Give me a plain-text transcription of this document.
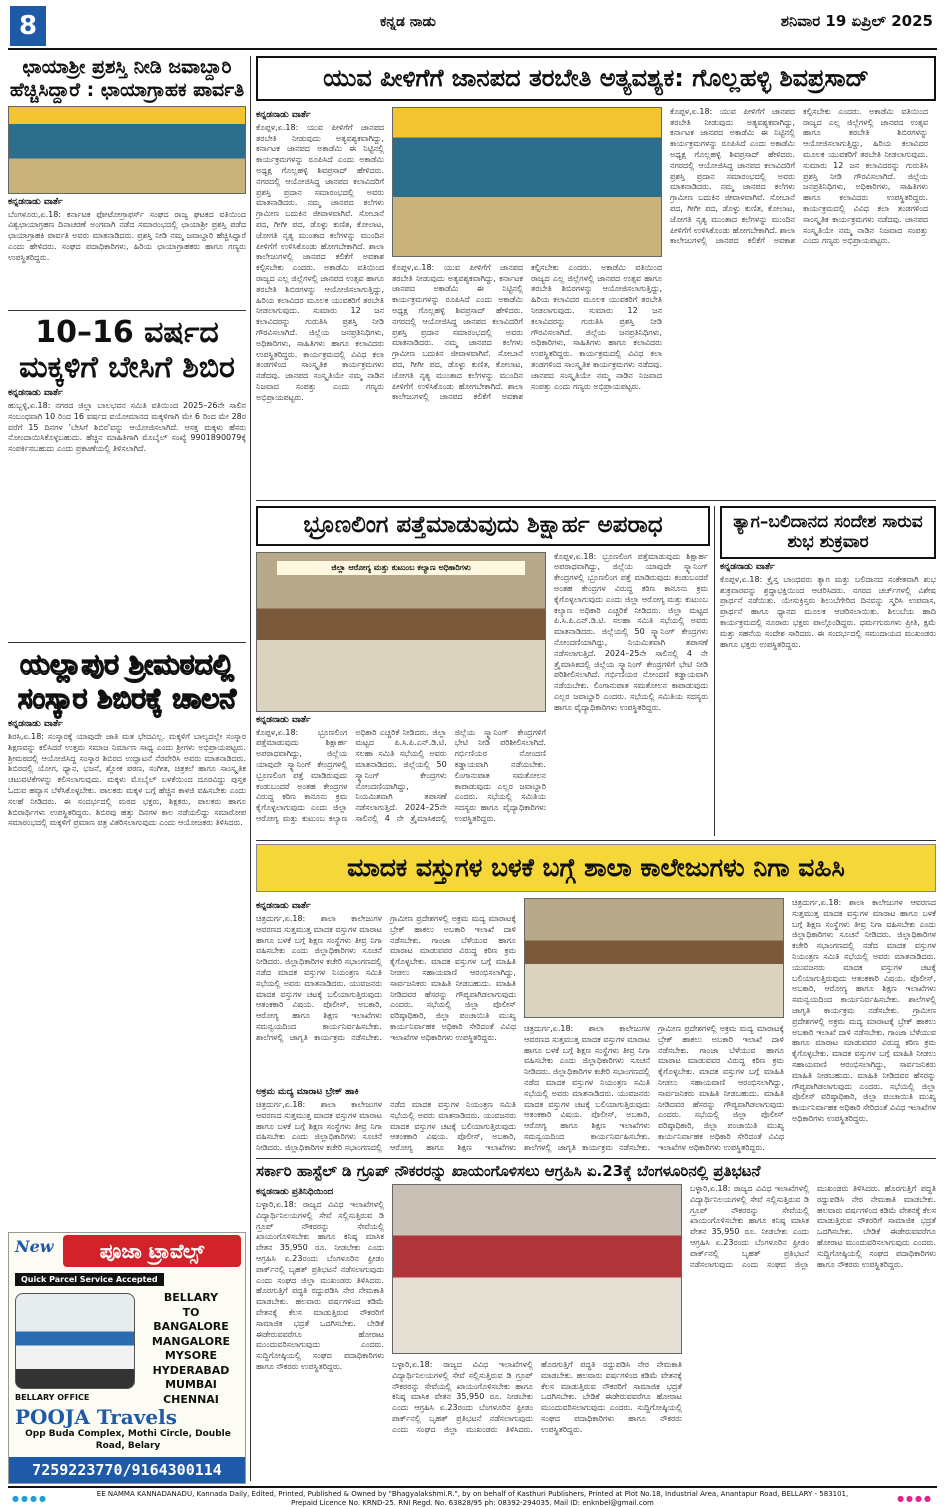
8	ಕನ್ನಡ ನಾಡು	ಶನಿವಾರ 19 ಏಪ್ರಿಲ್ 2025
ಛಾಯಾಶ್ರೀ ಪ್ರಶಸ್ತಿ ನೀಡಿ ಜವಾಬ್ದಾರಿ ಹೆಚ್ಚಿಸಿದ್ದಾರೆ : ಛಾಯಾಗ್ರಾಹಕ ಪಾರ್ವತಿ
ಕನ್ನಡನಾಡು ವಾರ್ತೆ
ಬೆಂಗಳೂರು,ಏ.18: ಕರ್ನಾಟಕ ಫೋಟೋಗ್ರಾಫರ್ಸ್ ಸಂಘದ ರಾಜ್ಯ ಘಟಕದ ವತಿಯಿಂದ ವಿಶ್ವಛಾಯಾಗ್ರಹಣ ದಿನಾಚರಣೆ ಅಂಗವಾಗಿ ನಡೆದ ಸಮಾರಂಭದಲ್ಲಿ ಛಾಯಾಶ್ರೀ ಪ್ರಶಸ್ತಿ ಪಡೆದ ಛಾಯಾಗ್ರಾಹಕಿ ಪಾರ್ವತಿ ಅವರು ಮಾತನಾಡಿದರು. ಪ್ರಶಸ್ತಿ ನೀಡಿ ನಮ್ಮ ಜವಾಬ್ದಾರಿ ಹೆಚ್ಚಿಸಿದ್ದಾರೆ ಎಂದು ಹೇಳಿದರು. ಸಂಘದ ಪದಾಧಿಕಾರಿಗಳು, ಹಿರಿಯ ಛಾಯಾಗ್ರಾಹಕರು ಹಾಗೂ ಗಣ್ಯರು ಉಪಸ್ಥಿತರಿದ್ದರು.
10–16 ವರ್ಷದ ಮಕ್ಕಳಿಗೆ ಬೇಸಿಗೆ ಶಿಬಿರ
ಕನ್ನಡನಾಡು ವಾರ್ತೆ
ಹುಬ್ಬಳ್ಳಿ,ಏ.18: ನಗರದ ಜಿಲ್ಲಾ ಬಾಲಭವನ ಸಮಿತಿ ವತಿಯಿಂದ 2025–26ನೇ ಸಾಲಿನ ಸಂಬಂಧವಾಗಿ 10 ರಿಂದ 16 ವರ್ಷದ ವಯೋಮಾನದ ಮಕ್ಕಳಿಗಾಗಿ ಮೇ 6 ರಿಂದ ಮೇ 28ರ ವರೆಗೆ 15 ದಿನಗಳ 'ಬೇಸಿಗೆ ಶಿಬಿರ'ವನ್ನು ಆಯೋಜಿಸಲಾಗಿದೆ. ಆಸಕ್ತ ಮಕ್ಕಳು ಹೆಸರು ನೋಂದಾಯಿಸಿಕೊಳ್ಳಬಹುದು. ಹೆಚ್ಚಿನ ಮಾಹಿತಿಗಾಗಿ ಮೊಬೈಲ್ ಸಂಖ್ಯೆ 9901890079ಕ್ಕೆ ಸಂಪರ್ಕಿಸಬಹುದು ಎಂದು ಪ್ರಕಟಣೆಯಲ್ಲಿ ತಿಳಿಸಲಾಗಿದೆ.
ಯಲ್ಲಾಪುರ ಶ್ರೀಮಠದಲ್ಲಿ ಸಂಸ್ಕಾರ ಶಿಬಿರಕ್ಕೆ ಚಾಲನೆ
ಕನ್ನಡನಾಡು ವಾರ್ತೆ
ಶಿರಸಿ,ಏ.18: ಸಂಸ್ಕಾರಕ್ಕೆ ಯಾವುದೇ ಜಾತಿ ಮತ ಭೇದವಿಲ್ಲ. ಮಕ್ಕಳಿಗೆ ಬಾಲ್ಯದಲ್ಲೇ ಸಂಸ್ಕಾರ ಶಿಕ್ಷಣವನ್ನು ಕಲಿಸಿದರೆ ಉತ್ತಮ ಸಮಾಜ ನಿರ್ಮಾಣ ಸಾಧ್ಯ ಎಂದು ಶ್ರೀಗಳು ಅಭಿಪ್ರಾಯಪಟ್ಟರು. ಶ್ರೀಮಠದಲ್ಲಿ ಆಯೋಜಿಸಿದ್ದ ಸಂಸ್ಕಾರ ಶಿಬಿರದ ಉದ್ಘಾಟನೆ ನೆರವೇರಿಸಿ ಅವರು ಮಾತನಾಡಿದರು. ಶಿಬಿರದಲ್ಲಿ ಯೋಗ, ಧ್ಯಾನ, ಭಜನೆ, ಶ್ಲೋಕ ಪಠಣ, ಸಂಗೀತ, ಚಿತ್ರಕಲೆ ಹಾಗೂ ಸಾಂಸ್ಕೃತಿಕ ಚಟುವಟಿಕೆಗಳನ್ನು ಕಲಿಸಲಾಗುವುದು. ಮಕ್ಕಳು ಮೊಬೈಲ್ ಬಳಕೆಯಿಂದ ದೂರವಿದ್ದು ಪುಸ್ತಕ ಓದುವ ಹವ್ಯಾಸ ಬೆಳೆಸಿಕೊಳ್ಳಬೇಕು. ಪಾಲಕರು ಮಕ್ಕಳ ಬಗ್ಗೆ ಹೆಚ್ಚಿನ ಕಾಳಜಿ ವಹಿಸಬೇಕು ಎಂದು ಸಲಹೆ ನೀಡಿದರು. ಈ ಸಂದರ್ಭದಲ್ಲಿ ಮಠದ ಭಕ್ತರು, ಶಿಕ್ಷಕರು, ಪಾಲಕರು ಹಾಗೂ ಶಿಬಿರಾರ್ಥಿಗಳು ಉಪಸ್ಥಿತರಿದ್ದರು. ಶಿಬಿರವು ಹತ್ತು ದಿನಗಳ ಕಾಲ ನಡೆಯಲಿದ್ದು ಸಮಾರೋಪ ಸಮಾರಂಭದಲ್ಲಿ ಮಕ್ಕಳಿಗೆ ಪ್ರಮಾಣ ಪತ್ರ ವಿತರಿಸಲಾಗುವುದು ಎಂದು ಆಯೋಜಕರು ತಿಳಿಸಿದರು.
ಯುವ ಪೀಳಿಗೆಗೆ ಜಾನಪದ ತರಬೇತಿ ಅತ್ಯವಶ್ಯಕ: ಗೊಲ್ಲಹಳ್ಳಿ ಶಿವಪ್ರಸಾದ್
ಕನ್ನಡನಾಡು ವಾರ್ತೆ
ಕೊಪ್ಪಳ,ಏ.18: ಯುವ ಪೀಳಿಗೆಗೆ ಜಾನಪದ ತರಬೇತಿ ನೀಡುವುದು ಅತ್ಯವಶ್ಯಕವಾಗಿದ್ದು, ಕರ್ನಾಟಕ ಜಾನಪದ ಅಕಾಡೆಮಿ ಈ ನಿಟ್ಟಿನಲ್ಲಿ ಕಾರ್ಯಕ್ರಮಗಳನ್ನು ರೂಪಿಸಿದೆ ಎಂದು ಅಕಾಡೆಮಿ ಅಧ್ಯಕ್ಷ ಗೊಲ್ಲಹಳ್ಳಿ ಶಿವಪ್ರಸಾದ್ ಹೇಳಿದರು. ನಗರದಲ್ಲಿ ಆಯೋಜಿಸಿದ್ದ ಜಾನಪದ ಕಲಾವಿದರಿಗೆ ಪ್ರಶಸ್ತಿ ಪ್ರದಾನ ಸಮಾರಂಭದಲ್ಲಿ ಅವರು ಮಾತನಾಡಿದರು. ನಮ್ಮ ಜಾನಪದ ಕಲೆಗಳು ಗ್ರಾಮೀಣ ಬದುಕಿನ ಜೀವಾಳವಾಗಿವೆ. ಸೋಬಾನೆ ಪದ, ಗೀಗೀ ಪದ, ಡೊಳ್ಳು ಕುಣಿತ, ಕೋಲಾಟ, ಜೋಗತಿ ನೃತ್ಯ ಮುಂತಾದ ಕಲೆಗಳನ್ನು ಮುಂದಿನ ಪೀಳಿಗೆಗೆ ಉಳಿಸಿಕೊಂಡು ಹೋಗಬೇಕಾಗಿದೆ. ಶಾಲಾ ಕಾಲೇಜುಗಳಲ್ಲಿ ಜಾನಪದ ಕಲಿಕೆಗೆ ಅವಕಾಶ ಕಲ್ಪಿಸಬೇಕು ಎಂದರು. ಅಕಾಡೆಮಿ ವತಿಯಿಂದ ರಾಜ್ಯದ ಎಲ್ಲ ಜಿಲ್ಲೆಗಳಲ್ಲಿ ಜಾನಪದ ಉತ್ಸವ ಹಾಗೂ ತರಬೇತಿ ಶಿಬಿರಗಳನ್ನು ಆಯೋಜಿಸಲಾಗುತ್ತಿದ್ದು, ಹಿರಿಯ ಕಲಾವಿದರ ಮೂಲಕ ಯುವಕರಿಗೆ ತರಬೇತಿ ನೀಡಲಾಗುವುದು. ಸುಮಾರು 12 ಜನ ಕಲಾವಿದರನ್ನು ಗುರುತಿಸಿ ಪ್ರಶಸ್ತಿ ನೀಡಿ ಗೌರವಿಸಲಾಗಿದೆ. ಜಿಲ್ಲೆಯ ಜನಪ್ರತಿನಿಧಿಗಳು, ಅಧಿಕಾರಿಗಳು, ಸಾಹಿತಿಗಳು ಹಾಗೂ ಕಲಾವಿದರು ಉಪಸ್ಥಿತರಿದ್ದರು. ಕಾರ್ಯಕ್ರಮದಲ್ಲಿ ವಿವಿಧ ಕಲಾ ತಂಡಗಳಿಂದ ಸಾಂಸ್ಕೃತಿಕ ಕಾರ್ಯಕ್ರಮಗಳು ನಡೆದವು. ಜಾನಪದ ಸಂಸ್ಕೃತಿಯೇ ನಮ್ಮ ನಾಡಿನ ನಿಜವಾದ ಸಂಪತ್ತು ಎಂದು ಗಣ್ಯರು ಅಭಿಪ್ರಾಯಪಟ್ಟರು.
ಕೊಪ್ಪಳ,ಏ.18: ಯುವ ಪೀಳಿಗೆಗೆ ಜಾನಪದ ತರಬೇತಿ ನೀಡುವುದು ಅತ್ಯವಶ್ಯಕವಾಗಿದ್ದು, ಕರ್ನಾಟಕ ಜಾನಪದ ಅಕಾಡೆಮಿ ಈ ನಿಟ್ಟಿನಲ್ಲಿ ಕಾರ್ಯಕ್ರಮಗಳನ್ನು ರೂಪಿಸಿದೆ ಎಂದು ಅಕಾಡೆಮಿ ಅಧ್ಯಕ್ಷ ಗೊಲ್ಲಹಳ್ಳಿ ಶಿವಪ್ರಸಾದ್ ಹೇಳಿದರು. ನಗರದಲ್ಲಿ ಆಯೋಜಿಸಿದ್ದ ಜಾನಪದ ಕಲಾವಿದರಿಗೆ ಪ್ರಶಸ್ತಿ ಪ್ರದಾನ ಸಮಾರಂಭದಲ್ಲಿ ಅವರು ಮಾತನಾಡಿದರು. ನಮ್ಮ ಜಾನಪದ ಕಲೆಗಳು ಗ್ರಾಮೀಣ ಬದುಕಿನ ಜೀವಾಳವಾಗಿವೆ. ಸೋಬಾನೆ ಪದ, ಗೀಗೀ ಪದ, ಡೊಳ್ಳು ಕುಣಿತ, ಕೋಲಾಟ, ಜೋಗತಿ ನೃತ್ಯ ಮುಂತಾದ ಕಲೆಗಳನ್ನು ಮುಂದಿನ ಪೀಳಿಗೆಗೆ ಉಳಿಸಿಕೊಂಡು ಹೋಗಬೇಕಾಗಿದೆ. ಶಾಲಾ ಕಾಲೇಜುಗಳಲ್ಲಿ ಜಾನಪದ ಕಲಿಕೆಗೆ ಅವಕಾಶ ಕಲ್ಪಿಸಬೇಕು ಎಂದರು. ಅಕಾಡೆಮಿ ವತಿಯಿಂದ ರಾಜ್ಯದ ಎಲ್ಲ ಜಿಲ್ಲೆಗಳಲ್ಲಿ ಜಾನಪದ ಉತ್ಸವ ಹಾಗೂ ತರಬೇತಿ ಶಿಬಿರಗಳನ್ನು ಆಯೋಜಿಸಲಾಗುತ್ತಿದ್ದು, ಹಿರಿಯ ಕಲಾವಿದರ ಮೂಲಕ ಯುವಕರಿಗೆ ತರಬೇತಿ ನೀಡಲಾಗುವುದು. ಸುಮಾರು 12 ಜನ ಕಲಾವಿದರನ್ನು ಗುರುತಿಸಿ ಪ್ರಶಸ್ತಿ ನೀಡಿ ಗೌರವಿಸಲಾಗಿದೆ. ಜಿಲ್ಲೆಯ ಜನಪ್ರತಿನಿಧಿಗಳು, ಅಧಿಕಾರಿಗಳು, ಸಾಹಿತಿಗಳು ಹಾಗೂ ಕಲಾವಿದರು ಉಪಸ್ಥಿತರಿದ್ದರು. ಕಾರ್ಯಕ್ರಮದಲ್ಲಿ ವಿವಿಧ ಕಲಾ ತಂಡಗಳಿಂದ ಸಾಂಸ್ಕೃತಿಕ ಕಾರ್ಯಕ್ರಮಗಳು ನಡೆದವು. ಜಾನಪದ ಸಂಸ್ಕೃತಿಯೇ ನಮ್ಮ ನಾಡಿನ ನಿಜವಾದ ಸಂಪತ್ತು ಎಂದು ಗಣ್ಯರು ಅಭಿಪ್ರಾಯಪಟ್ಟರು.
ಕೊಪ್ಪಳ,ಏ.18: ಯುವ ಪೀಳಿಗೆಗೆ ಜಾನಪದ ತರಬೇತಿ ನೀಡುವುದು ಅತ್ಯವಶ್ಯಕವಾಗಿದ್ದು, ಕರ್ನಾಟಕ ಜಾನಪದ ಅಕಾಡೆಮಿ ಈ ನಿಟ್ಟಿನಲ್ಲಿ ಕಾರ್ಯಕ್ರಮಗಳನ್ನು ರೂಪಿಸಿದೆ ಎಂದು ಅಕಾಡೆಮಿ ಅಧ್ಯಕ್ಷ ಗೊಲ್ಲಹಳ್ಳಿ ಶಿವಪ್ರಸಾದ್ ಹೇಳಿದರು. ನಗರದಲ್ಲಿ ಆಯೋಜಿಸಿದ್ದ ಜಾನಪದ ಕಲಾವಿದರಿಗೆ ಪ್ರಶಸ್ತಿ ಪ್ರದಾನ ಸಮಾರಂಭದಲ್ಲಿ ಅವರು ಮಾತನಾಡಿದರು. ನಮ್ಮ ಜಾನಪದ ಕಲೆಗಳು ಗ್ರಾಮೀಣ ಬದುಕಿನ ಜೀವಾಳವಾಗಿವೆ. ಸೋಬಾನೆ ಪದ, ಗೀಗೀ ಪದ, ಡೊಳ್ಳು ಕುಣಿತ, ಕೋಲಾಟ, ಜೋಗತಿ ನೃತ್ಯ ಮುಂತಾದ ಕಲೆಗಳನ್ನು ಮುಂದಿನ ಪೀಳಿಗೆಗೆ ಉಳಿಸಿಕೊಂಡು ಹೋಗಬೇಕಾಗಿದೆ. ಶಾಲಾ ಕಾಲೇಜುಗಳಲ್ಲಿ ಜಾನಪದ ಕಲಿಕೆಗೆ ಅವಕಾಶ ಕಲ್ಪಿಸಬೇಕು ಎಂದರು. ಅಕಾಡೆಮಿ ವತಿಯಿಂದ ರಾಜ್ಯದ ಎಲ್ಲ ಜಿಲ್ಲೆಗಳಲ್ಲಿ ಜಾನಪದ ಉತ್ಸವ ಹಾಗೂ ತರಬೇತಿ ಶಿಬಿರಗಳನ್ನು ಆಯೋಜಿಸಲಾಗುತ್ತಿದ್ದು, ಹಿರಿಯ ಕಲಾವಿದರ ಮೂಲಕ ಯುವಕರಿಗೆ ತರಬೇತಿ ನೀಡಲಾಗುವುದು. ಸುಮಾರು 12 ಜನ ಕಲಾವಿದರನ್ನು ಗುರುತಿಸಿ ಪ್ರಶಸ್ತಿ ನೀಡಿ ಗೌರವಿಸಲಾಗಿದೆ. ಜಿಲ್ಲೆಯ ಜನಪ್ರತಿನಿಧಿಗಳು, ಅಧಿಕಾರಿಗಳು, ಸಾಹಿತಿಗಳು ಹಾಗೂ ಕಲಾವಿದರು ಉಪಸ್ಥಿತರಿದ್ದರು. ಕಾರ್ಯಕ್ರಮದಲ್ಲಿ ವಿವಿಧ ಕಲಾ ತಂಡಗಳಿಂದ ಸಾಂಸ್ಕೃತಿಕ ಕಾರ್ಯಕ್ರಮಗಳು ನಡೆದವು. ಜಾನಪದ ಸಂಸ್ಕೃತಿಯೇ ನಮ್ಮ ನಾಡಿನ ನಿಜವಾದ ಸಂಪತ್ತು ಎಂದು ಗಣ್ಯರು ಅಭಿಪ್ರಾಯಪಟ್ಟರು.
ಭ್ರೂಣಲಿಂಗ ಪತ್ತೆಮಾಡುವುದು ಶಿಕ್ಷಾರ್ಹ ಅಪರಾಧ
ಜಿಲ್ಲಾ ಆರೋಗ್ಯ ಮತ್ತು ಕುಟುಂಬ ಕಲ್ಯಾಣ ಅಧಿಕಾರಿಗಳು
ಕನ್ನಡನಾಡು ವಾರ್ತೆ
ಕೊಪ್ಪಳ,ಏ.18: ಭ್ರೂಣಲಿಂಗ ಪತ್ತೆಮಾಡುವುದು ಶಿಕ್ಷಾರ್ಹ ಅಪರಾಧವಾಗಿದ್ದು, ಜಿಲ್ಲೆಯ ಯಾವುದೇ ಸ್ಕ್ಯಾನಿಂಗ್ ಕೇಂದ್ರಗಳಲ್ಲಿ ಭ್ರೂಣಲಿಂಗ ಪತ್ತೆ ಮಾಡಿರುವುದು ಕಂಡುಬಂದರೆ ಅಂತಹ ಕೇಂದ್ರಗಳ ವಿರುದ್ಧ ಕಠಿಣ ಕಾನೂನು ಕ್ರಮ ಕೈಗೊಳ್ಳಲಾಗುವುದು ಎಂದು ಜಿಲ್ಲಾ ಆರೋಗ್ಯ ಮತ್ತು ಕುಟುಂಬ ಕಲ್ಯಾಣ ಅಧಿಕಾರಿ ಎಚ್ಚರಿಕೆ ನೀಡಿದರು. ಜಿಲ್ಲಾ ಮಟ್ಟದ ಪಿ.ಸಿ.ಪಿ.ಎನ್.ಡಿ.ಟಿ. ಸಲಹಾ ಸಮಿತಿ ಸಭೆಯಲ್ಲಿ ಅವರು ಮಾತನಾಡಿದರು. ಜಿಲ್ಲೆಯಲ್ಲಿ 50 ಸ್ಕ್ಯಾನಿಂಗ್ ಕೇಂದ್ರಗಳು ನೋಂದಣಿಯಾಗಿದ್ದು, ನಿಯಮಿತವಾಗಿ ತಪಾಸಣೆ ನಡೆಸಲಾಗುತ್ತಿದೆ. 2024–25ನೇ ಸಾಲಿನಲ್ಲಿ 4 ನೇ ತ್ರೈಮಾಸಿಕದಲ್ಲಿ ಜಿಲ್ಲೆಯ ಸ್ಕ್ಯಾನಿಂಗ್ ಕೇಂದ್ರಗಳಿಗೆ ಭೇಟಿ ನೀಡಿ ಪರಿಶೀಲಿಸಲಾಗಿದೆ. ಗರ್ಭಿಣಿಯರ ನೋಂದಣಿ ಕಡ್ಡಾಯವಾಗಿ ನಡೆಯಬೇಕು. ಲಿಂಗಾನುಪಾತ ಸಮತೋಲನ ಕಾಪಾಡುವುದು ಎಲ್ಲರ ಜವಾಬ್ದಾರಿ ಎಂದರು. ಸಭೆಯಲ್ಲಿ ಸಮಿತಿಯ ಸದಸ್ಯರು ಹಾಗೂ ವೈದ್ಯಾಧಿಕಾರಿಗಳು ಉಪಸ್ಥಿತರಿದ್ದರು.
ಕೊಪ್ಪಳ,ಏ.18: ಭ್ರೂಣಲಿಂಗ ಪತ್ತೆಮಾಡುವುದು ಶಿಕ್ಷಾರ್ಹ ಅಪರಾಧವಾಗಿದ್ದು, ಜಿಲ್ಲೆಯ ಯಾವುದೇ ಸ್ಕ್ಯಾನಿಂಗ್ ಕೇಂದ್ರಗಳಲ್ಲಿ ಭ್ರೂಣಲಿಂಗ ಪತ್ತೆ ಮಾಡಿರುವುದು ಕಂಡುಬಂದರೆ ಅಂತಹ ಕೇಂದ್ರಗಳ ವಿರುದ್ಧ ಕಠಿಣ ಕಾನೂನು ಕ್ರಮ ಕೈಗೊಳ್ಳಲಾಗುವುದು ಎಂದು ಜಿಲ್ಲಾ ಆರೋಗ್ಯ ಮತ್ತು ಕುಟುಂಬ ಕಲ್ಯಾಣ ಅಧಿಕಾರಿ ಎಚ್ಚರಿಕೆ ನೀಡಿದರು. ಜಿಲ್ಲಾ ಮಟ್ಟದ ಪಿ.ಸಿ.ಪಿ.ಎನ್.ಡಿ.ಟಿ. ಸಲಹಾ ಸಮಿತಿ ಸಭೆಯಲ್ಲಿ ಅವರು ಮಾತನಾಡಿದರು. ಜಿಲ್ಲೆಯಲ್ಲಿ 50 ಸ್ಕ್ಯಾನಿಂಗ್ ಕೇಂದ್ರಗಳು ನೋಂದಣಿಯಾಗಿದ್ದು, ನಿಯಮಿತವಾಗಿ ತಪಾಸಣೆ ನಡೆಸಲಾಗುತ್ತಿದೆ. 2024–25ನೇ ಸಾಲಿನಲ್ಲಿ 4 ನೇ ತ್ರೈಮಾಸಿಕದಲ್ಲಿ ಜಿಲ್ಲೆಯ ಸ್ಕ್ಯಾನಿಂಗ್ ಕೇಂದ್ರಗಳಿಗೆ ಭೇಟಿ ನೀಡಿ ಪರಿಶೀಲಿಸಲಾಗಿದೆ. ಗರ್ಭಿಣಿಯರ ನೋಂದಣಿ ಕಡ್ಡಾಯವಾಗಿ ನಡೆಯಬೇಕು. ಲಿಂಗಾನುಪಾತ ಸಮತೋಲನ ಕಾಪಾಡುವುದು ಎಲ್ಲರ ಜವಾಬ್ದಾರಿ ಎಂದರು. ಸಭೆಯಲ್ಲಿ ಸಮಿತಿಯ ಸದಸ್ಯರು ಹಾಗೂ ವೈದ್ಯಾಧಿಕಾರಿಗಳು ಉಪಸ್ಥಿತರಿದ್ದರು.
ತ್ಯಾಗ–ಬಲಿದಾನದ ಸಂದೇಶ ಸಾರುವ ಶುಭ ಶುಕ್ರವಾರ
ಕನ್ನಡನಾಡು ವಾರ್ತೆ
ಕೊಪ್ಪಳ,ಏ.18: ಕ್ರೈಸ್ತ ಬಾಂಧವರು ತ್ಯಾಗ ಮತ್ತು ಬಲಿದಾನದ ಸಂಕೇತವಾಗಿ ಶುಭ ಶುಕ್ರವಾರವನ್ನು ಶ್ರದ್ಧಾಭಕ್ತಿಯಿಂದ ಆಚರಿಸಿದರು. ನಗರದ ಚರ್ಚ್‌ಗಳಲ್ಲಿ ವಿಶೇಷ ಪ್ರಾರ್ಥನೆ ನಡೆಯಿತು. ಯೇಸುಕ್ರಿಸ್ತರು ಶಿಲುಬೆಗೇರಿದ ದಿನವನ್ನು ಸ್ಮರಿಸಿ ಉಪವಾಸ, ಪ್ರಾರ್ಥನೆ ಹಾಗೂ ಧ್ಯಾನದ ಮೂಲಕ ಆಚರಿಸಲಾಯಿತು. ಶಿಲುಬೆಯ ಹಾದಿ ಕಾರ್ಯಕ್ರಮದಲ್ಲಿ ನೂರಾರು ಭಕ್ತರು ಪಾಲ್ಗೊಂಡಿದ್ದರು. ಧರ್ಮಗುರುಗಳು ಪ್ರೀತಿ, ಕ್ಷಮೆ ಮತ್ತು ಸಹನೆಯ ಸಂದೇಶ ಸಾರಿದರು. ಈ ಸಂದರ್ಭದಲ್ಲಿ ಸಮುದಾಯದ ಮುಖಂಡರು ಹಾಗೂ ಭಕ್ತರು ಉಪಸ್ಥಿತರಿದ್ದರು.
ಮಾದಕ ವಸ್ತುಗಳ ಬಳಕೆ ಬಗ್ಗೆ ಶಾಲಾ ಕಾಲೇಜುಗಳು ನಿಗಾ ವಹಿಸಿ
ಕನ್ನಡನಾಡು ವಾರ್ತೆ
ಚಿತ್ರದುರ್ಗ,ಏ.18: ಶಾಲಾ ಕಾಲೇಜುಗಳ ಆವರಣದ ಸುತ್ತಮುತ್ತ ಮಾದಕ ವಸ್ತುಗಳ ಮಾರಾಟ ಹಾಗೂ ಬಳಕೆ ಬಗ್ಗೆ ಶಿಕ್ಷಣ ಸಂಸ್ಥೆಗಳು ತೀವ್ರ ನಿಗಾ ವಹಿಸಬೇಕು ಎಂದು ಜಿಲ್ಲಾಧಿಕಾರಿಗಳು ಸೂಚನೆ ನೀಡಿದರು. ಜಿಲ್ಲಾಧಿಕಾರಿಗಳ ಕಚೇರಿ ಸಭಾಂಗಣದಲ್ಲಿ ನಡೆದ ಮಾದಕ ವಸ್ತುಗಳ ನಿಯಂತ್ರಣ ಸಮಿತಿ ಸಭೆಯಲ್ಲಿ ಅವರು ಮಾತನಾಡಿದರು. ಯುವಜನರು ಮಾದಕ ವಸ್ತುಗಳ ಚಟಕ್ಕೆ ಬಲಿಯಾಗುತ್ತಿರುವುದು ಆತಂಕಕಾರಿ ವಿಷಯ. ಪೊಲೀಸ್, ಅಬಕಾರಿ, ಆರೋಗ್ಯ ಹಾಗೂ ಶಿಕ್ಷಣ ಇಲಾಖೆಗಳು ಸಮನ್ವಯದಿಂದ ಕಾರ್ಯನಿರ್ವಹಿಸಬೇಕು. ಶಾಲೆಗಳಲ್ಲಿ ಜಾಗೃತಿ ಕಾರ್ಯಕ್ರಮ ನಡೆಸಬೇಕು. ಗ್ರಾಮೀಣ ಪ್ರದೇಶಗಳಲ್ಲಿ ಅಕ್ರಮ ಮದ್ಯ ಮಾರಾಟಕ್ಕೆ ಬ್ರೇಕ್ ಹಾಕಲು ಅಬಕಾರಿ ಇಲಾಖೆ ದಾಳಿ ನಡೆಸಬೇಕು. ಗಾಂಜಾ ಬೆಳೆಯುವ ಹಾಗೂ ಮಾರಾಟ ಮಾಡುವವರ ವಿರುದ್ಧ ಕಠಿಣ ಕ್ರಮ ಕೈಗೊಳ್ಳಬೇಕು. ಮಾದಕ ವಸ್ತುಗಳ ಬಗ್ಗೆ ಮಾಹಿತಿ ನೀಡಲು ಸಹಾಯವಾಣಿ ಆರಂಭಿಸಲಾಗಿದ್ದು, ಸಾರ್ವಜನಿಕರು ಮಾಹಿತಿ ನೀಡಬಹುದು. ಮಾಹಿತಿ ನೀಡಿದವರ ಹೆಸರನ್ನು ಗೌಪ್ಯವಾಗಿಡಲಾಗುವುದು ಎಂದರು. ಸಭೆಯಲ್ಲಿ ಜಿಲ್ಲಾ ಪೊಲೀಸ್ ವರಿಷ್ಠಾಧಿಕಾರಿ, ಜಿಲ್ಲಾ ಪಂಚಾಯಿತಿ ಮುಖ್ಯ ಕಾರ್ಯನಿರ್ವಾಹಕ ಅಧಿಕಾರಿ ಸೇರಿದಂತೆ ವಿವಿಧ ಇಲಾಖೆಗಳ ಅಧಿಕಾರಿಗಳು ಉಪಸ್ಥಿತರಿದ್ದರು.
ಅಕ್ರಮ ಮದ್ಯ ಮಾರಾಟ ಬ್ರೇಕ್ ಹಾಕಿ
ಚಿತ್ರದುರ್ಗ,ಏ.18: ಶಾಲಾ ಕಾಲೇಜುಗಳ ಆವರಣದ ಸುತ್ತಮುತ್ತ ಮಾದಕ ವಸ್ತುಗಳ ಮಾರಾಟ ಹಾಗೂ ಬಳಕೆ ಬಗ್ಗೆ ಶಿಕ್ಷಣ ಸಂಸ್ಥೆಗಳು ತೀವ್ರ ನಿಗಾ ವಹಿಸಬೇಕು ಎಂದು ಜಿಲ್ಲಾಧಿಕಾರಿಗಳು ಸೂಚನೆ ನೀಡಿದರು. ಜಿಲ್ಲಾಧಿಕಾರಿಗಳ ಕಚೇರಿ ಸಭಾಂಗಣದಲ್ಲಿ ನಡೆದ ಮಾದಕ ವಸ್ತುಗಳ ನಿಯಂತ್ರಣ ಸಮಿತಿ ಸಭೆಯಲ್ಲಿ ಅವರು ಮಾತನಾಡಿದರು. ಯುವಜನರು ಮಾದಕ ವಸ್ತುಗಳ ಚಟಕ್ಕೆ ಬಲಿಯಾಗುತ್ತಿರುವುದು ಆತಂಕಕಾರಿ ವಿಷಯ. ಪೊಲೀಸ್, ಅಬಕಾರಿ, ಆರೋಗ್ಯ ಹಾಗೂ ಶಿಕ್ಷಣ ಇಲಾಖೆಗಳು
ಚಿತ್ರದುರ್ಗ,ಏ.18: ಶಾಲಾ ಕಾಲೇಜುಗಳ ಆವರಣದ ಸುತ್ತಮುತ್ತ ಮಾದಕ ವಸ್ತುಗಳ ಮಾರಾಟ ಹಾಗೂ ಬಳಕೆ ಬಗ್ಗೆ ಶಿಕ್ಷಣ ಸಂಸ್ಥೆಗಳು ತೀವ್ರ ನಿಗಾ ವಹಿಸಬೇಕು ಎಂದು ಜಿಲ್ಲಾಧಿಕಾರಿಗಳು ಸೂಚನೆ ನೀಡಿದರು. ಜಿಲ್ಲಾಧಿಕಾರಿಗಳ ಕಚೇರಿ ಸಭಾಂಗಣದಲ್ಲಿ ನಡೆದ ಮಾದಕ ವಸ್ತುಗಳ ನಿಯಂತ್ರಣ ಸಮಿತಿ ಸಭೆಯಲ್ಲಿ ಅವರು ಮಾತನಾಡಿದರು. ಯುವಜನರು ಮಾದಕ ವಸ್ತುಗಳ ಚಟಕ್ಕೆ ಬಲಿಯಾಗುತ್ತಿರುವುದು ಆತಂಕಕಾರಿ ವಿಷಯ. ಪೊಲೀಸ್, ಅಬಕಾರಿ, ಆರೋಗ್ಯ ಹಾಗೂ ಶಿಕ್ಷಣ ಇಲಾಖೆಗಳು ಸಮನ್ವಯದಿಂದ ಕಾರ್ಯನಿರ್ವಹಿಸಬೇಕು. ಶಾಲೆಗಳಲ್ಲಿ ಜಾಗೃತಿ ಕಾರ್ಯಕ್ರಮ ನಡೆಸಬೇಕು. ಗ್ರಾಮೀಣ ಪ್ರದೇಶಗಳಲ್ಲಿ ಅಕ್ರಮ ಮದ್ಯ ಮಾರಾಟಕ್ಕೆ ಬ್ರೇಕ್ ಹಾಕಲು ಅಬಕಾರಿ ಇಲಾಖೆ ದಾಳಿ ನಡೆಸಬೇಕು. ಗಾಂಜಾ ಬೆಳೆಯುವ ಹಾಗೂ ಮಾರಾಟ ಮಾಡುವವರ ವಿರುದ್ಧ ಕಠಿಣ ಕ್ರಮ ಕೈಗೊಳ್ಳಬೇಕು. ಮಾದಕ ವಸ್ತುಗಳ ಬಗ್ಗೆ ಮಾಹಿತಿ ನೀಡಲು ಸಹಾಯವಾಣಿ ಆರಂಭಿಸಲಾಗಿದ್ದು, ಸಾರ್ವಜನಿಕರು ಮಾಹಿತಿ ನೀಡಬಹುದು. ಮಾಹಿತಿ ನೀಡಿದವರ ಹೆಸರನ್ನು ಗೌಪ್ಯವಾಗಿಡಲಾಗುವುದು ಎಂದರು. ಸಭೆಯಲ್ಲಿ ಜಿಲ್ಲಾ ಪೊಲೀಸ್ ವರಿಷ್ಠಾಧಿಕಾರಿ, ಜಿಲ್ಲಾ ಪಂಚಾಯಿತಿ ಮುಖ್ಯ ಕಾರ್ಯನಿರ್ವಾಹಕ ಅಧಿಕಾರಿ ಸೇರಿದಂತೆ ವಿವಿಧ ಇಲಾಖೆಗಳ ಅಧಿಕಾರಿಗಳು ಉಪಸ್ಥಿತರಿದ್ದರು.
ಚಿತ್ರದುರ್ಗ,ಏ.18: ಶಾಲಾ ಕಾಲೇಜುಗಳ ಆವರಣದ ಸುತ್ತಮುತ್ತ ಮಾದಕ ವಸ್ತುಗಳ ಮಾರಾಟ ಹಾಗೂ ಬಳಕೆ ಬಗ್ಗೆ ಶಿಕ್ಷಣ ಸಂಸ್ಥೆಗಳು ತೀವ್ರ ನಿಗಾ ವಹಿಸಬೇಕು ಎಂದು ಜಿಲ್ಲಾಧಿಕಾರಿಗಳು ಸೂಚನೆ ನೀಡಿದರು. ಜಿಲ್ಲಾಧಿಕಾರಿಗಳ ಕಚೇರಿ ಸಭಾಂಗಣದಲ್ಲಿ ನಡೆದ ಮಾದಕ ವಸ್ತುಗಳ ನಿಯಂತ್ರಣ ಸಮಿತಿ ಸಭೆಯಲ್ಲಿ ಅವರು ಮಾತನಾಡಿದರು. ಯುವಜನರು ಮಾದಕ ವಸ್ತುಗಳ ಚಟಕ್ಕೆ ಬಲಿಯಾಗುತ್ತಿರುವುದು ಆತಂಕಕಾರಿ ವಿಷಯ. ಪೊಲೀಸ್, ಅಬಕಾರಿ, ಆರೋಗ್ಯ ಹಾಗೂ ಶಿಕ್ಷಣ ಇಲಾಖೆಗಳು ಸಮನ್ವಯದಿಂದ ಕಾರ್ಯನಿರ್ವಹಿಸಬೇಕು. ಶಾಲೆಗಳಲ್ಲಿ ಜಾಗೃತಿ ಕಾರ್ಯಕ್ರಮ ನಡೆಸಬೇಕು. ಗ್ರಾಮೀಣ ಪ್ರದೇಶಗಳಲ್ಲಿ ಅಕ್ರಮ ಮದ್ಯ ಮಾರಾಟಕ್ಕೆ ಬ್ರೇಕ್ ಹಾಕಲು ಅಬಕಾರಿ ಇಲಾಖೆ ದಾಳಿ ನಡೆಸಬೇಕು. ಗಾಂಜಾ ಬೆಳೆಯುವ ಹಾಗೂ ಮಾರಾಟ ಮಾಡುವವರ ವಿರುದ್ಧ ಕಠಿಣ ಕ್ರಮ ಕೈಗೊಳ್ಳಬೇಕು. ಮಾದಕ ವಸ್ತುಗಳ ಬಗ್ಗೆ ಮಾಹಿತಿ ನೀಡಲು ಸಹಾಯವಾಣಿ ಆರಂಭಿಸಲಾಗಿದ್ದು, ಸಾರ್ವಜನಿಕರು ಮಾಹಿತಿ ನೀಡಬಹುದು. ಮಾಹಿತಿ ನೀಡಿದವರ ಹೆಸರನ್ನು ಗೌಪ್ಯವಾಗಿಡಲಾಗುವುದು ಎಂದರು. ಸಭೆಯಲ್ಲಿ ಜಿಲ್ಲಾ ಪೊಲೀಸ್ ವರಿಷ್ಠಾಧಿಕಾರಿ, ಜಿಲ್ಲಾ ಪಂಚಾಯಿತಿ ಮುಖ್ಯ ಕಾರ್ಯನಿರ್ವಾಹಕ ಅಧಿಕಾರಿ ಸೇರಿದಂತೆ ವಿವಿಧ ಇಲಾಖೆಗಳ ಅಧಿಕಾರಿಗಳು ಉಪಸ್ಥಿತರಿದ್ದರು.
ಸರ್ಕಾರಿ ಹಾಸ್ಟೆಲ್ ಡಿ ಗ್ರೂಪ್ ನೌಕರರನ್ನು ಖಾಯಂಗೊಳಿಸಲು ಆಗ್ರಹಿಸಿ ಏ.23ಕ್ಕೆ ಬೆಂಗಳೂರಿನಲ್ಲಿ ಪ್ರತಿಭಟನೆ
ಕನ್ನಡನಾಡು ಪ್ರತಿನಿಧಿಯಿಂದ
ಬಳ್ಳಾರಿ,ಏ.18: ರಾಜ್ಯದ ವಿವಿಧ ಇಲಾಖೆಗಳಲ್ಲಿ ವಿದ್ಯಾರ್ಥಿನಿಲಯಗಳಲ್ಲಿ ಸೇವೆ ಸಲ್ಲಿಸುತ್ತಿರುವ ಡಿ ಗ್ರೂಪ್ ನೌಕರರನ್ನು ಸೇವೆಯಲ್ಲಿ ಖಾಯಂಗೊಳಿಸಬೇಕು ಹಾಗೂ ಕನಿಷ್ಠ ಮಾಸಿಕ ವೇತನ 35,950 ರೂ. ನೀಡಬೇಕು ಎಂದು ಆಗ್ರಹಿಸಿ ಏ.23ರಂದು ಬೆಂಗಳೂರಿನ ಫ್ರೀಡಂ ಪಾರ್ಕ್‌ನಲ್ಲಿ ಬೃಹತ್ ಪ್ರತಿಭಟನೆ ನಡೆಸಲಾಗುವುದು ಎಂದು ಸಂಘದ ಜಿಲ್ಲಾ ಮುಖಂಡರು ತಿಳಿಸಿದರು. ಹೊರಗುತ್ತಿಗೆ ಪದ್ಧತಿ ರದ್ದುಪಡಿಸಿ ನೇರ ನೇಮಕಾತಿ ಮಾಡಬೇಕು. ಹಲವಾರು ವರ್ಷಗಳಿಂದ ಕಡಿಮೆ ವೇತನಕ್ಕೆ ಕೆಲಸ ಮಾಡುತ್ತಿರುವ ನೌಕರರಿಗೆ ಸಾಮಾಜಿಕ ಭದ್ರತೆ ಒದಗಿಸಬೇಕು. ಬೇಡಿಕೆ ಈಡೇರುವವರೆಗೂ ಹೋರಾಟ ಮುಂದುವರಿಸಲಾಗುವುದು ಎಂದರು. ಸುದ್ದಿಗೋಷ್ಠಿಯಲ್ಲಿ ಸಂಘದ ಪದಾಧಿಕಾರಿಗಳು ಹಾಗೂ ನೌಕರರು ಉಪಸ್ಥಿತರಿದ್ದರು.	ಬಳ್ಳಾರಿ,ಏ.18: ರಾಜ್ಯದ ವಿವಿಧ ಇಲಾಖೆಗಳಲ್ಲಿ ವಿದ್ಯಾರ್ಥಿನಿಲಯಗಳಲ್ಲಿ ಸೇವೆ ಸಲ್ಲಿಸುತ್ತಿರುವ ಡಿ ಗ್ರೂಪ್ ನೌಕರರನ್ನು ಸೇವೆಯಲ್ಲಿ ಖಾಯಂಗೊಳಿಸಬೇಕು ಹಾಗೂ ಕನಿಷ್ಠ ಮಾಸಿಕ ವೇತನ 35,950 ರೂ. ನೀಡಬೇಕು ಎಂದು ಆಗ್ರಹಿಸಿ ಏ.23ರಂದು ಬೆಂಗಳೂರಿನ ಫ್ರೀಡಂ ಪಾರ್ಕ್‌ನಲ್ಲಿ ಬೃಹತ್ ಪ್ರತಿಭಟನೆ ನಡೆಸಲಾಗುವುದು ಎಂದು ಸಂಘದ ಜಿಲ್ಲಾ ಮುಖಂಡರು ತಿಳಿಸಿದರು. ಹೊರಗುತ್ತಿಗೆ ಪದ್ಧತಿ ರದ್ದುಪಡಿಸಿ ನೇರ ನೇಮಕಾತಿ ಮಾಡಬೇಕು. ಹಲವಾರು ವರ್ಷಗಳಿಂದ ಕಡಿಮೆ ವೇತನಕ್ಕೆ ಕೆಲಸ ಮಾಡುತ್ತಿರುವ ನೌಕರರಿಗೆ ಸಾಮಾಜಿಕ ಭದ್ರತೆ ಒದಗಿಸಬೇಕು. ಬೇಡಿಕೆ ಈಡೇರುವವರೆಗೂ ಹೋರಾಟ ಮುಂದುವರಿಸಲಾಗುವುದು ಎಂದರು. ಸುದ್ದಿಗೋಷ್ಠಿಯಲ್ಲಿ ಸಂಘದ ಪದಾಧಿಕಾರಿಗಳು ಹಾಗೂ ನೌಕರರು ಉಪಸ್ಥಿತರಿದ್ದರು.
ಬಳ್ಳಾರಿ,ಏ.18: ರಾಜ್ಯದ ವಿವಿಧ ಇಲಾಖೆಗಳಲ್ಲಿ ವಿದ್ಯಾರ್ಥಿನಿಲಯಗಳಲ್ಲಿ ಸೇವೆ ಸಲ್ಲಿಸುತ್ತಿರುವ ಡಿ ಗ್ರೂಪ್ ನೌಕರರನ್ನು ಸೇವೆಯಲ್ಲಿ ಖಾಯಂಗೊಳಿಸಬೇಕು ಹಾಗೂ ಕನಿಷ್ಠ ಮಾಸಿಕ ವೇತನ 35,950 ರೂ. ನೀಡಬೇಕು ಎಂದು ಆಗ್ರಹಿಸಿ ಏ.23ರಂದು ಬೆಂಗಳೂರಿನ ಫ್ರೀಡಂ ಪಾರ್ಕ್‌ನಲ್ಲಿ ಬೃಹತ್ ಪ್ರತಿಭಟನೆ ನಡೆಸಲಾಗುವುದು ಎಂದು ಸಂಘದ ಜಿಲ್ಲಾ ಮುಖಂಡರು ತಿಳಿಸಿದರು. ಹೊರಗುತ್ತಿಗೆ ಪದ್ಧತಿ ರದ್ದುಪಡಿಸಿ ನೇರ ನೇಮಕಾತಿ ಮಾಡಬೇಕು. ಹಲವಾರು ವರ್ಷಗಳಿಂದ ಕಡಿಮೆ ವೇತನಕ್ಕೆ ಕೆಲಸ ಮಾಡುತ್ತಿರುವ ನೌಕರರಿಗೆ ಸಾಮಾಜಿಕ ಭದ್ರತೆ ಒದಗಿಸಬೇಕು. ಬೇಡಿಕೆ ಈಡೇರುವವರೆಗೂ ಹೋರಾಟ ಮುಂದುವರಿಸಲಾಗುವುದು ಎಂದರು. ಸುದ್ದಿಗೋಷ್ಠಿಯಲ್ಲಿ ಸಂಘದ ಪದಾಧಿಕಾರಿಗಳು ಹಾಗೂ ನೌಕರರು ಉಪಸ್ಥಿತರಿದ್ದರು.
New	ಪೂಜಾ ಟ್ರಾವೆಲ್ಸ್
Quick Parcel Service Accepted
BELLARY
TO
BANGALORE
MANGALORE
MYSORE
HYDERABAD
MUMBAI
CHENNAI
BELLARY OFFICE
POOJA Travels
Opp Buda Complex, Mothi Circle, Double Road, Belary
7259223770/9164300114
EE NAMMA KANNADANADU, Kannada Daily, Edited, Printed, Published & Owned by "Bhagyalakshmi.R.", by on behalf of Kasthuri Publishers, Printed at Plot No.18, Industrial Area, Anantapur Road, BELLARY - 583101,
Prepaid Licence No. KRND-25. RNI Regd. No. 63828/95 ph: 08392-294035. Mail ID: enknbel@gmail.com
●●●●	●●●●
